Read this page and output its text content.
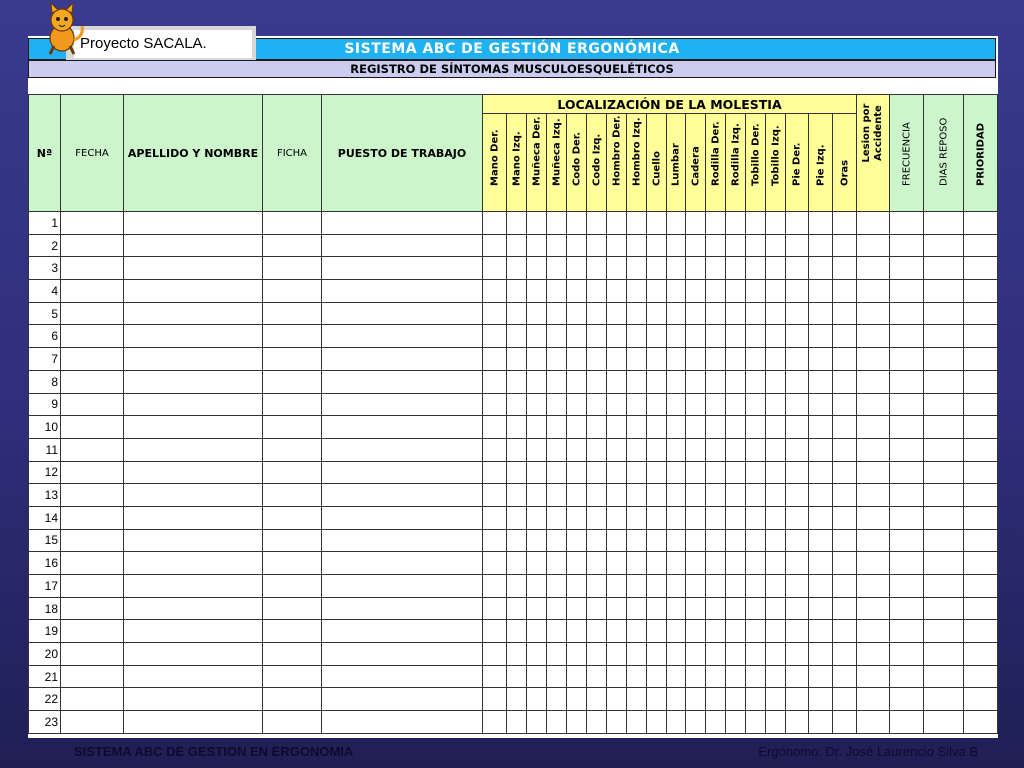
SISTEMA ABC DE GESTIÓN ERGONÓMICA
REGISTRO DE SÍNTOMAS MUSCULOESQUELÉTICOS
Proyecto SACALA.
Nª	FECHA	APELLIDO Y NOMBRE	FICHA	PUESTO DE TRABAJO	LOCALIZACIÓN DE LA MOLESTIA																		Lesion por Accidente	FRECUENCIA	DIAS REPOSO	PRIORIDAD

					Mano Der.	Mano Izq.	Muñeca Der.	Muñeca Izq.	Codo Der.	Codo Izq.	Hombro Der.	Hombro Izq.	Cuello	Lumbar	Cadera	Rodilla Der.	Rodilla Izq.	Tobillo Der.	Tobillo Izq.	Pie Der.	Pie Izq.	Oras				

1																										
2																										
3																										
4																										
5																										
6																										
7																										
8																										
9																										
10																										
11																										
12																										
13																										
14																										
15																										
16																										
17																										
18																										
19																										
20																										
21																										
22																										
23																										
SISTEMA ABC DE GESTION EN ERGONOMIA	Ergónomo: Dr. José Laurencio Silva B
